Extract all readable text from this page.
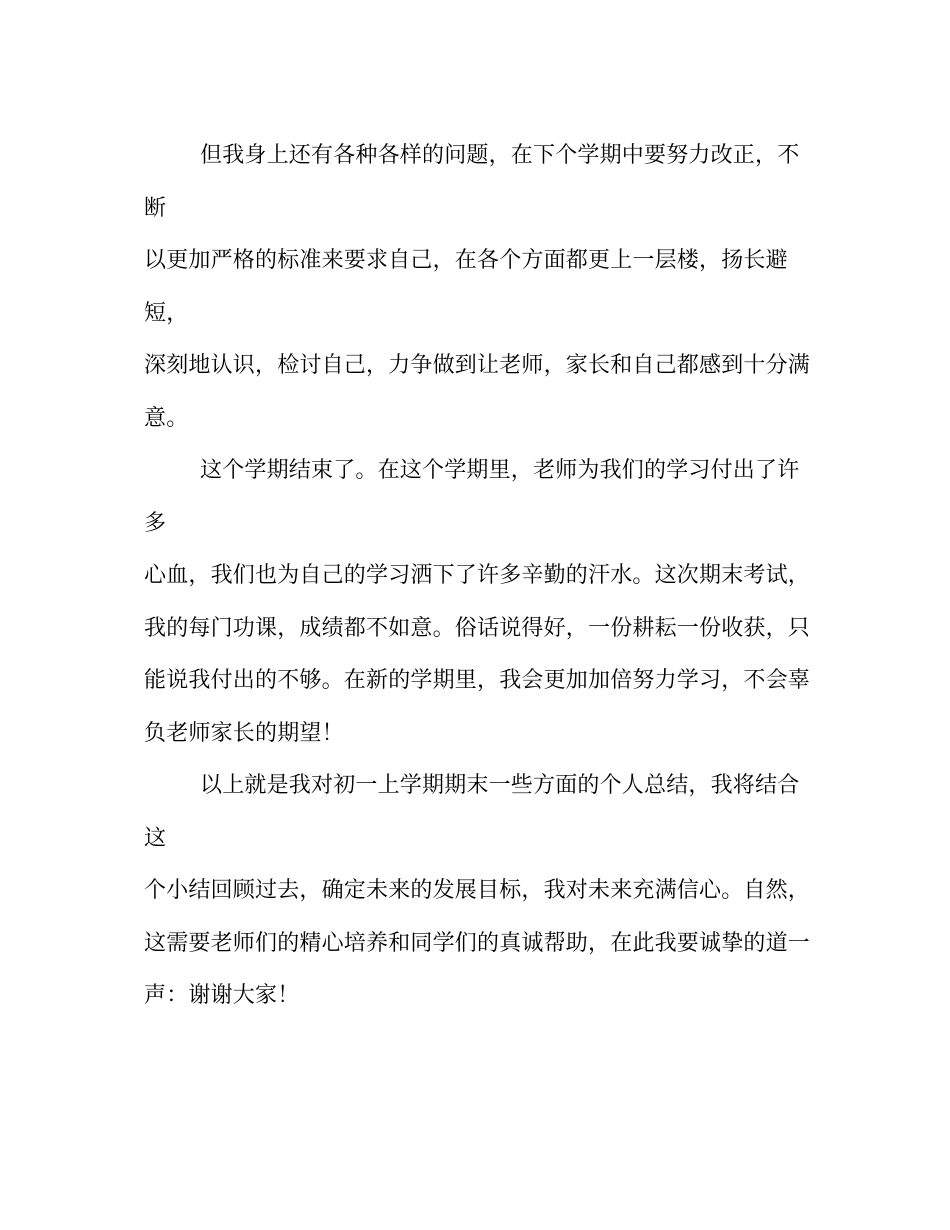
但我身上还有各种各样的问题，在下个学期中要努力改正，不断
以更加严格的标准来要求自己，在各个方面都更上一层楼，扬长避短，
深刻地认识，检讨自己，力争做到让老师，家长和自己都感到十分满
意。

这个学期结束了。在这个学期里，老师为我们的学习付出了许多
心血，我们也为自己的学习洒下了许多辛勤的汗水。这次期末考试，
我的每门功课，成绩都不如意。俗话说得好，一份耕耘一份收获，只
能说我付出的不够。在新的学期里，我会更加加倍努力学习，不会辜
负老师家长的期望！

以上就是我对初一上学期期末一些方面的个人总结，我将结合这
个小结回顾过去，确定未来的发展目标，我对未来充满信心。自然，
这需要老师们的精心培养和同学们的真诚帮助，在此我要诚挚的道一
声：谢谢大家！
